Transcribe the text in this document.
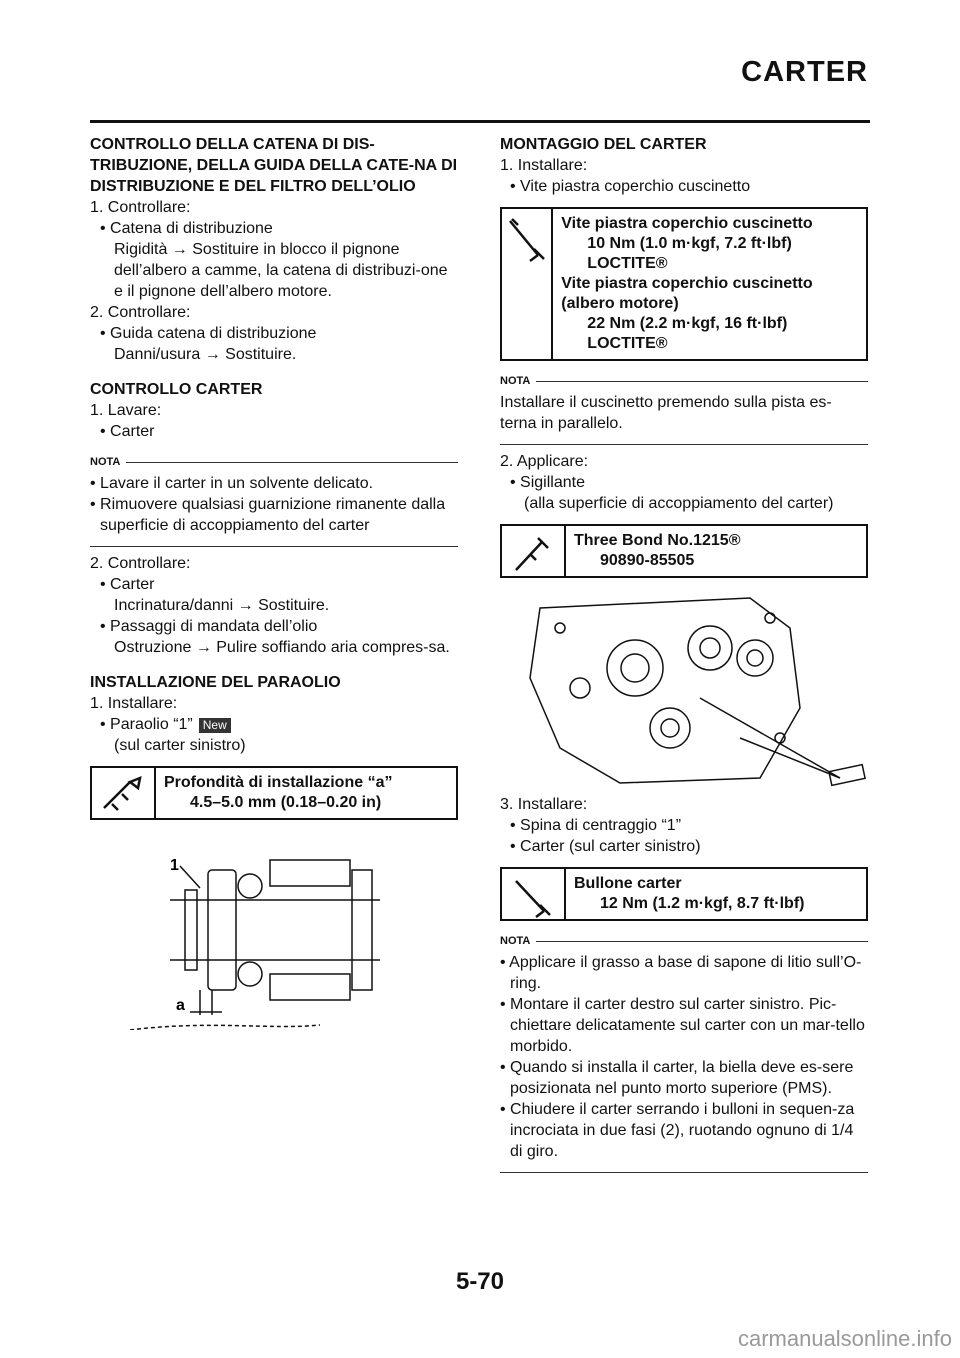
CARTER
CONTROLLO DELLA CATENA DI DIS-TRIBUZIONE, DELLA GUIDA DELLA CATE-NA DI DISTRIBUZIONE E DEL FILTRO DELL’OLIO
1. Controllare:
• Catena di distribuzione
Rigidità → Sostituire in blocco il pignone dell’albero a camme, la catena di distribuzi-one e il pignone dell’albero motore.
2. Controllare:
• Guida catena di distribuzione
Danni/usura → Sostituire.
CONTROLLO CARTER
1. Lavare:
• Carter
NOTA
• Lavare il carter in un solvente delicato.
• Rimuovere qualsiasi guarnizione rimanente dalla superficie di accoppiamento del carter
2. Controllare:
• Carter
Incrinatura/danni → Sostituire.
• Passaggi di mandata dell’olio
Ostruzione → Pulire soffiando aria compres-sa.
INSTALLAZIONE DEL PARAOLIO
1. Installare:
• Paraolio “1” New
(sul carter sinistro)
Profondità di installazione “a”
4.5–5.0 mm (0.18–0.20 in)
1
a
MONTAGGIO DEL CARTER
1. Installare:
• Vite piastra coperchio cuscinetto
Vite piastra coperchio cuscinetto
10 Nm (1.0 m·kgf, 7.2 ft·lbf)
LOCTITE®
Vite piastra coperchio cuscinetto (albero motore)
22 Nm (2.2 m·kgf, 16 ft·lbf)
LOCTITE®
NOTA
Installare il cuscinetto premendo sulla pista es-terna in parallelo.
2. Applicare:
• Sigillante
(alla superficie di accoppiamento del carter)
Three Bond No.1215®
90890-85505
3. Installare:
• Spina di centraggio “1”
• Carter (sul carter sinistro)
Bullone carter
12 Nm (1.2 m·kgf, 8.7 ft·lbf)
NOTA
• Applicare il grasso a base di sapone di litio sull’O-ring.
• Montare il carter destro sul carter sinistro. Pic-chiettare delicatamente sul carter con un mar-tello morbido.
• Quando si installa il carter, la biella deve es-sere posizionata nel punto morto superiore (PMS).
• Chiudere il carter serrando i bulloni in sequen-za incrociata in due fasi (2), ruotando ognuno di 1/4 di giro.
5-70
carmanualsonline.info
